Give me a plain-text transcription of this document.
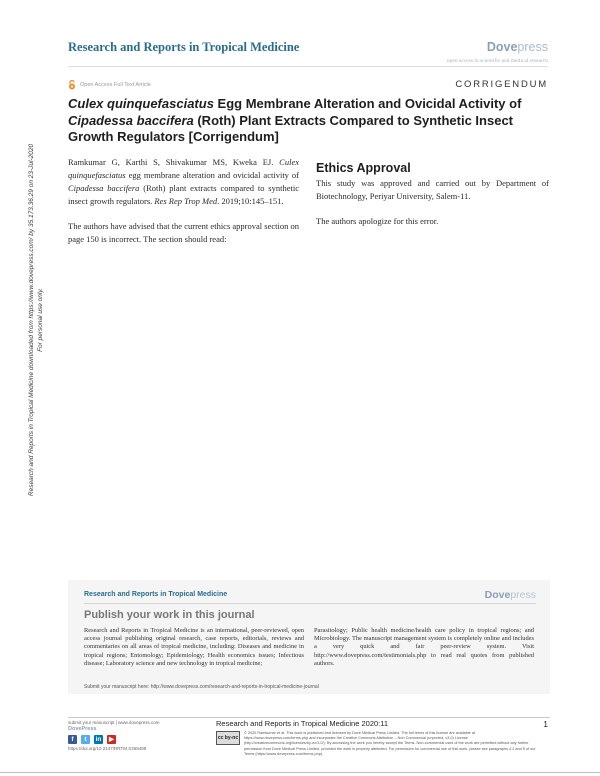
Research and Reports in Tropical Medicine	Dovepress
open access to scientific and medical research
Open Access Full Text Article	CORRIGENDUM
Culex quinquefasciatus Egg Membrane Alteration and Ovicidal Activity of Cipadessa baccifera (Roth) Plant Extracts Compared to Synthetic Insect Growth Regulators [Corrigendum]
Research and Reports in Tropical Medicine downloaded from https://www.dovepress.com/ by 35.173.36.29 on 23-Jul-2020 For personal use only.

Ramkumar G, Karthi S, Shivakumar MS, Kweka EJ. Culex quinquefasciatus egg membrane alteration and ovicidal activity of Cipadessa baccifera (Roth) plant extracts compared to synthetic insect growth regulators. Res Rep Trop Med. 2019;10:145–151.

The authors have advised that the current ethics approval section on page 150 is incorrect. The section should read:

Ethics Approval

This study was approved and carried out by Department of Biotechnology, Periyar University, Salem-11.

The authors apologize for this error.

Research and Reports in Tropical Medicine	Dovepress
Publish your work in this journal
Research and Reports in Tropical Medicine is an international, peer-reviewed, open access journal publishing original research, case reports, editorials, reviews and commentaries on all areas of tropical medicine, including: Diseases and medicine in tropical regions; Entomology; Epidemiology; Health economics issues; Infectious disease; Laboratory science and new technology in tropical medicine;
Parasitology; Public health medicine/health care policy in tropical regions; and Microbiology. The manuscript management system is completely online and includes a very quick and fair peer-review system. Visit http://www.dovepress.com/testimonials.php to read real quotes from published authors.
Submit your manuscript here: http://www.dovepress.com/research-and-reports-in-tropical-medicine-journal
submit your manuscript | www.dovepress.com
DovePress
f	t	in	▶
https://doi.org/10.2147/RRTM.S268499
Research and Reports in Tropical Medicine 2020:11
cc by-nc
© 2020 Ramkumar et al. This work is published and licensed by Dove Medical Press Limited. The full terms of this license are available at https://www.dovepress.com/terms.php and incorporate the Creative Commons Attribution – Non Commercial (unported, v3.0) License (http://creativecommons.org/licenses/by-nc/3.0/). By accessing the work you hereby accept the Terms. Non-commercial uses of the work are permitted without any further permission from Dove Medical Press Limited, provided the work is properly attributed. For permission for commercial use of this work, please see paragraphs 4.2 and 5 of our Terms (https://www.dovepress.com/terms.php).
1
